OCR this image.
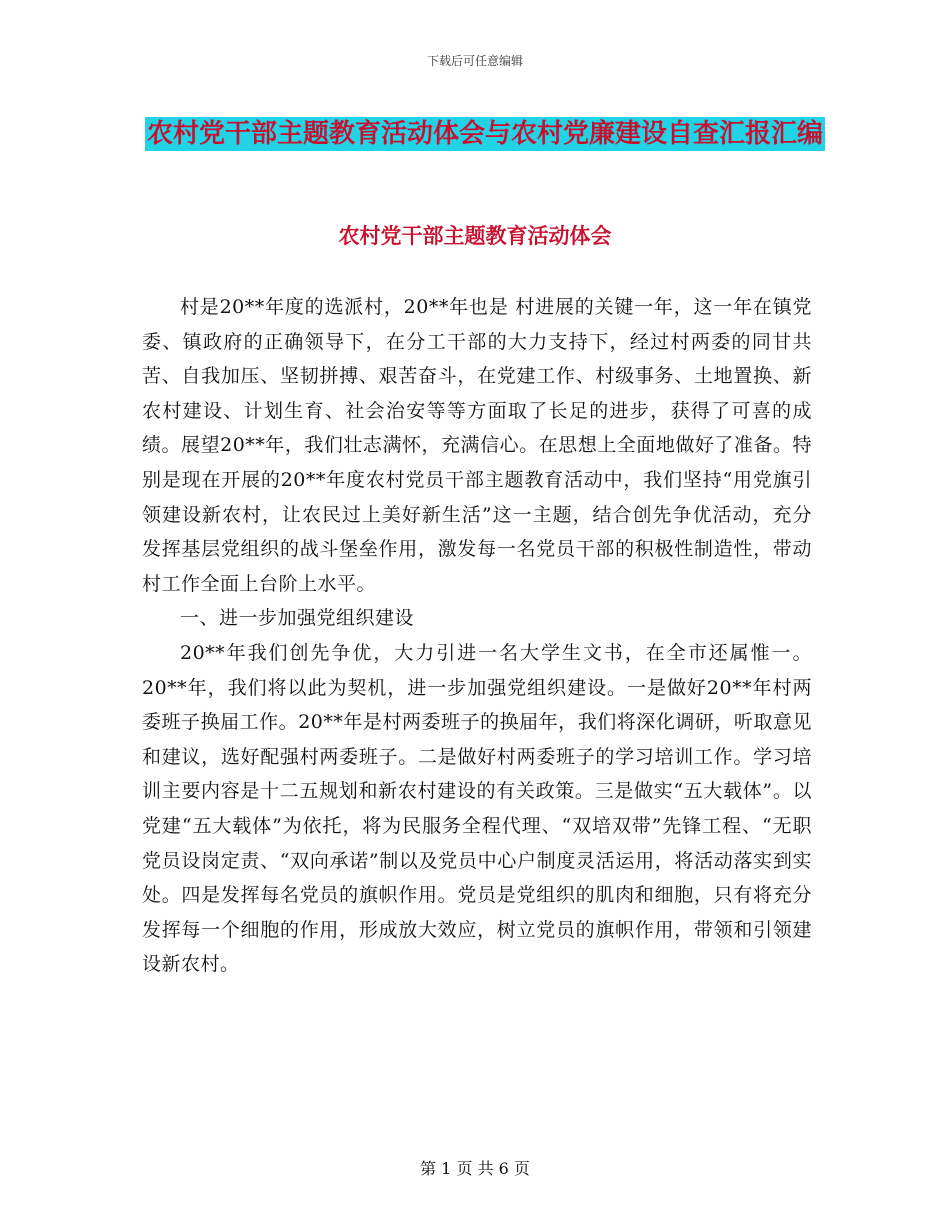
下载后可任意编辑
农村党干部主题教育活动体会与农村党廉建设自查汇报汇编
农村党干部主题教育活动体会

村是20**年度的选派村，20**年也是 村进展的关键一年，这一年在镇党委、镇政府的正确领导下，在分工干部的大力支持下，经过村两委的同甘共苦、自我加压、坚韧拼搏、艰苦奋斗，在党建工作、村级事务、土地置换、新农村建设、计划生育、社会治安等等方面取了长足的进步，获得了可喜的成绩。展望20**年，我们壮志满怀，充满信心。在思想上全面地做好了准备。特别是现在开展的20**年度农村党员干部主题教育活动中，我们坚持“用党旗引领建设新农村，让农民过上美好新生活”这一主题，结合创先争优活动，充分发挥基层党组织的战斗堡垒作用，激发每一名党员干部的积极性制造性，带动 村工作全面上台阶上水平。

一、进一步加强党组织建设

20**年我们创先争优，大力引进一名大学生文书，在全市还属惟一。20**年，我们将以此为契机，进一步加强党组织建设。一是做好20**年村两委班子换届工作。20**年是村两委班子的换届年，我们将深化调研，听取意见和建议，选好配强村两委班子。二是做好村两委班子的学习培训工作。学习培训主要内容是十二五规划和新农村建设的有关政策。三是做实“五大载体”。以党建“五大载体”为依托，将为民服务全程代理、“双培双带”先锋工程、“无职党员设岗定责、“双向承诺”制以及党员中心户制度灵活运用，将活动落实到实处。四是发挥每名党员的旗帜作用。党员是党组织的肌肉和细胞，只有将充分发挥每一个细胞的作用，形成放大效应，树立党员的旗帜作用，带领和引领建设新农村。

第 1 页 共 6 页
